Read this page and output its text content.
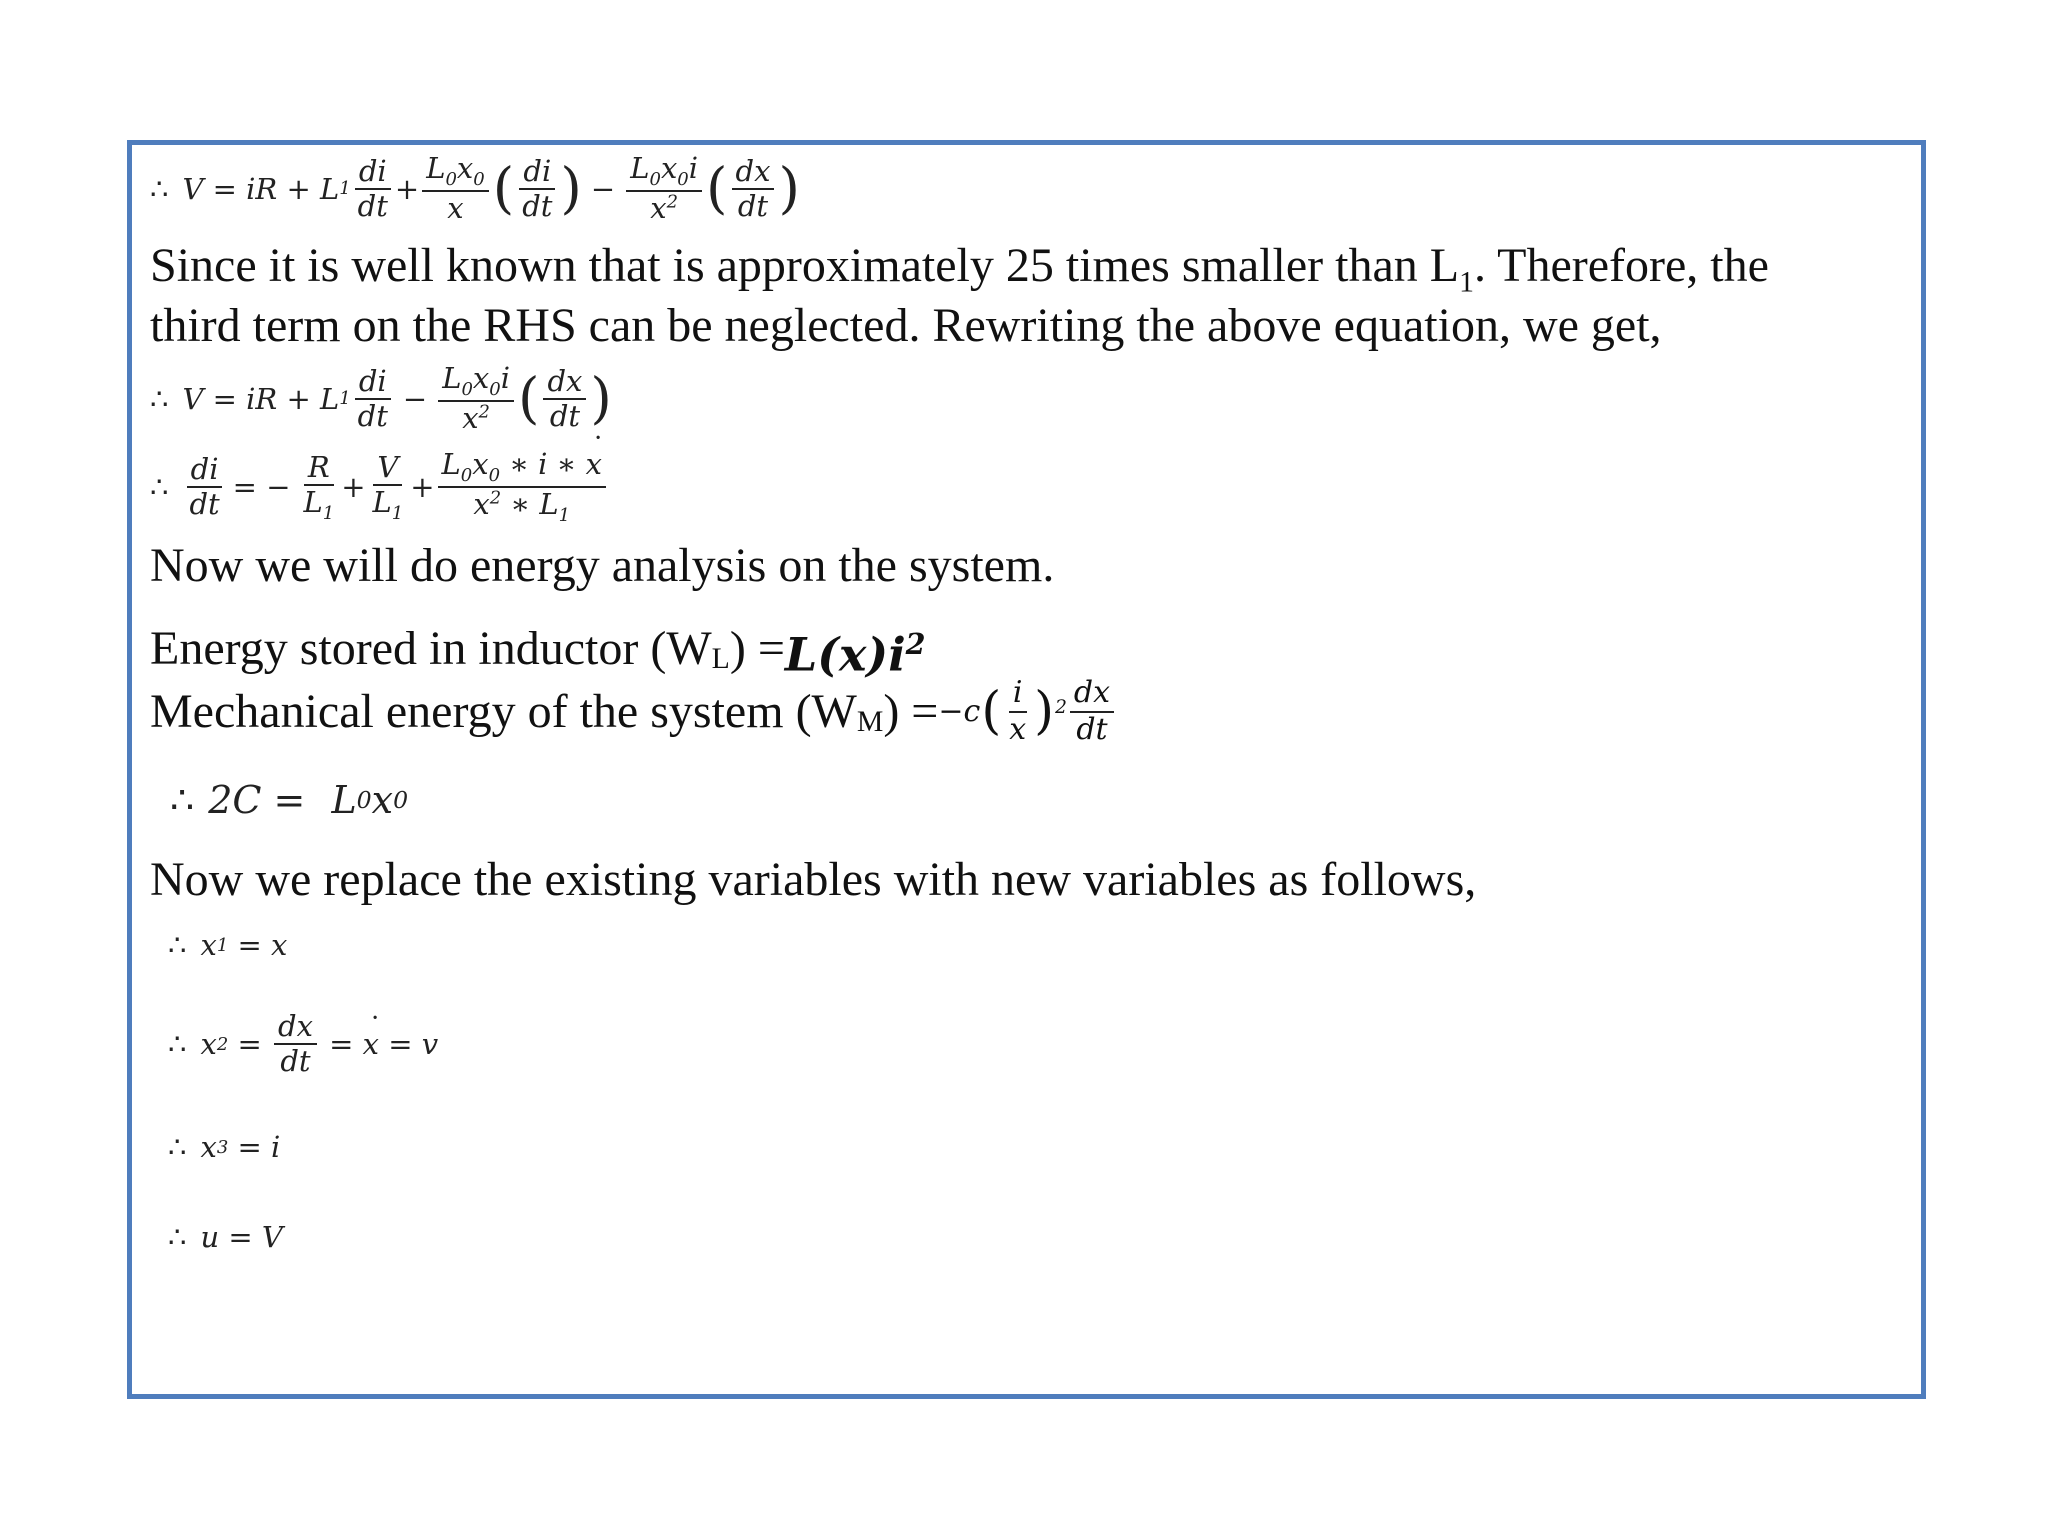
∴ V = iR + L $1 \frac{di}{dt} + \frac{L_0x_0}{x}$ ( $\frac{di}{dt}$ ) − $\frac{L_0x_0i}{x^2}$ ( $\frac{dx}{dt}$ )
Since it is well known that is approximately 25 times smaller than $L_1$. Therefore, the
third term on the RHS can be neglected. Rewriting the above equation, we get,
∴ V = iR + L $1 \frac{di}{dt} - \frac{L_0x_0i}{x^2}$ ( $\frac{dx}{dt}$ )
∴ $\frac{di}{dt}$ = − $\frac{R}{L_1} + \frac{V}{L_1} + \frac{L_0x_0 ∗ i ∗ ˙ x}{x^2 ∗ L_1}$
Now we will do energy analysis on the system.
Energy stored in inductor ($W_L$ ) = $L(x)i^2$
Mechanical energy of the system ($W_M$ ) = −c ( $\frac{i}{x}$ ) $2 \frac{dx}{dt}$
∴ 2C = L 0 x 0
Now we replace the existing variables with new variables as follows,
∴ x 1 = x
∴ x $2 = \frac{dx}{dt}$ =
˙ x = v
∴ x 3 = i
∴ u = V
